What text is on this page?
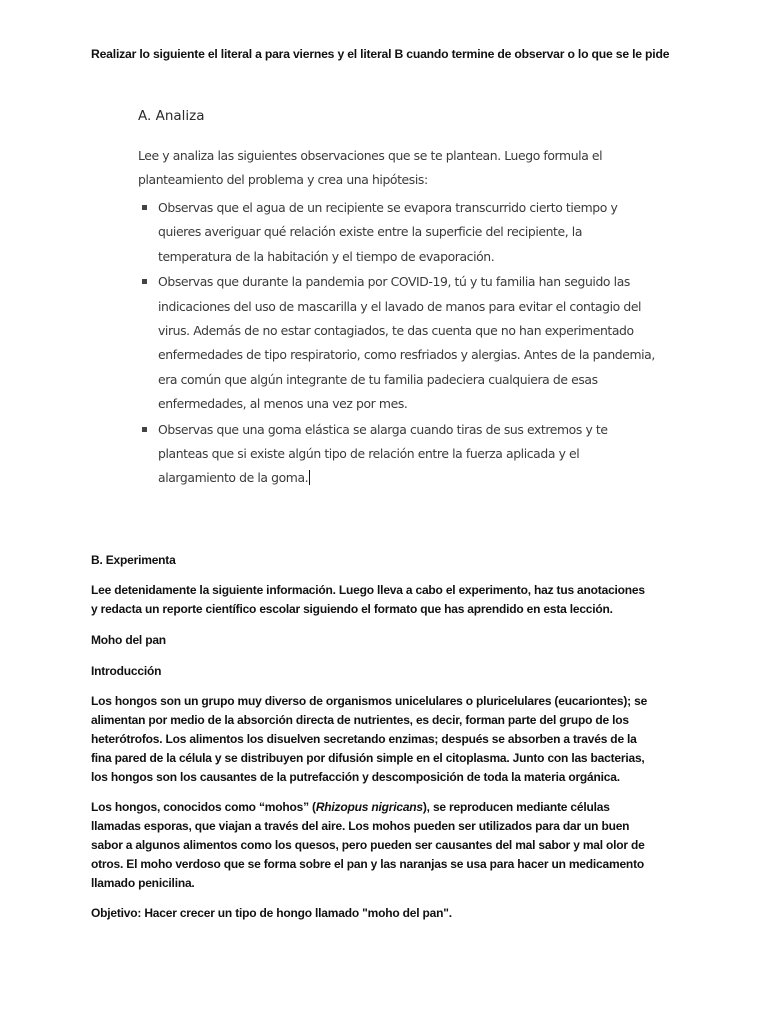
Realizar lo siguiente el literal a para viernes y el literal B cuando termine de observar o lo que se le pide
A. Analiza

Lee y analiza las siguientes observaciones que se te plantean. Luego formula el planteamiento del problema y crea una hipótesis:

Observas que el agua de un recipiente se evapora transcurrido cierto tiempo y quieres averiguar qué relación existe entre la superficie del recipiente, la temperatura de la habitación y el tiempo de evaporación.
Observas que durante la pandemia por COVID-19, tú y tu familia han seguido las indicaciones del uso de mascarilla y el lavado de manos para evitar el contagio del virus. Además de no estar contagiados, te das cuenta que no han experimentado enfermedades de tipo respiratorio, como resfriados y alergias. Antes de la pandemia, era común que algún integrante de tu familia padeciera cualquiera de esas enfermedades, al menos una vez por mes.
Observas que una goma elástica se alarga cuando tiras de sus extremos y te planteas que si existe algún tipo de relación entre la fuerza aplicada y el alargamiento de la goma.

B. Experimenta

Lee detenidamente la siguiente información. Luego lleva a cabo el experimento, haz tus anotaciones y redacta un reporte científico escolar siguiendo el formato que has aprendido en esta lección.

Moho del pan

Introducción

Los hongos son un grupo muy diverso de organismos unicelulares o pluricelulares (eucariontes); se alimentan por medio de la absorción directa de nutrientes, es decir, forman parte del grupo de los heterótrofos. Los alimentos los disuelven secretando enzimas; después se absorben a través de la fina pared de la célula y se distribuyen por difusión simple en el citoplasma. Junto con las bacterias, los hongos son los causantes de la putrefacción y descomposición de toda la materia orgánica.

Los hongos, conocidos como “mohos” (Rhizopus nigricans), se reproducen mediante células llamadas esporas, que viajan a través del aire. Los mohos pueden ser utilizados para dar un buen sabor a algunos alimentos como los quesos, pero pueden ser causantes del mal sabor y mal olor de otros. El moho verdoso que se forma sobre el pan y las naranjas se usa para hacer un medicamento llamado penicilina.

Objetivo: Hacer crecer un tipo de hongo llamado "moho del pan".
